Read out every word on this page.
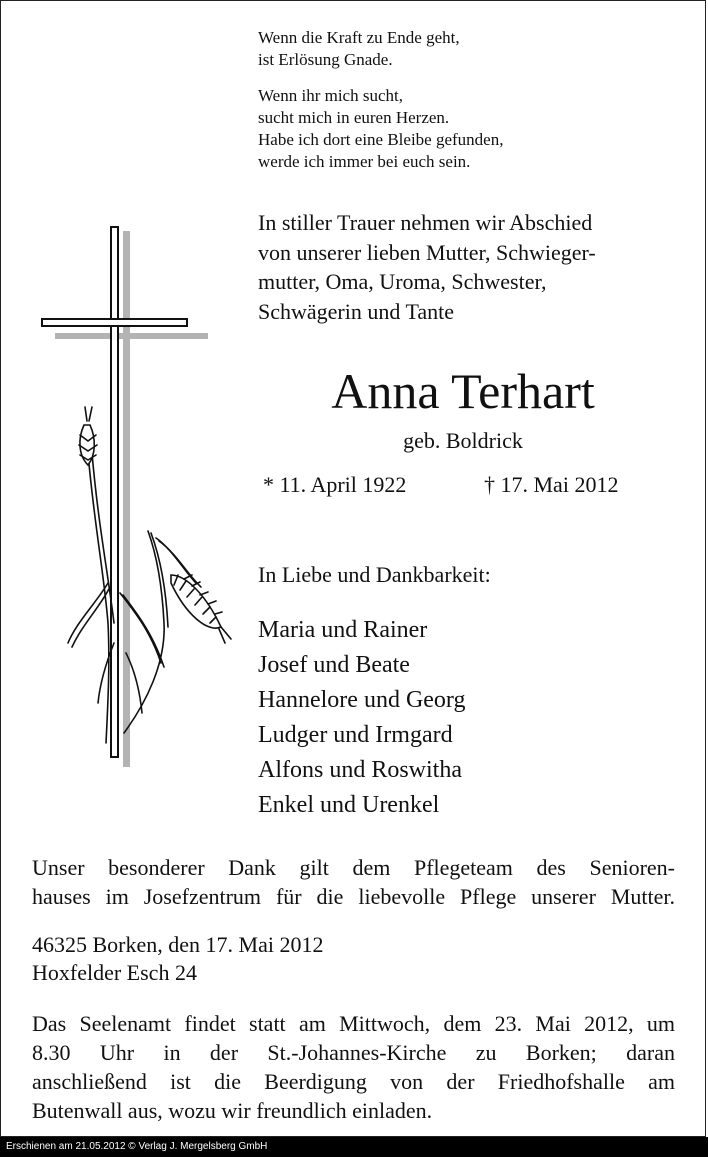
Wenn die Kraft zu Ende geht,
ist Erlösung Gnade.
Wenn ihr mich sucht,
sucht mich in euren Herzen.
Habe ich dort eine Bleibe gefunden,
werde ich immer bei euch sein.
In stiller Trauer nehmen wir Abschied
von unserer lieben Mutter, Schwieger-
mutter, Oma, Uroma, Schwester,
Schwägerin und Tante
Anna Terhart
geb. Boldrick
* 11. April 1922	† 17. Mai 2012
In Liebe und Dankbarkeit:
Maria und Rainer
Josef und Beate
Hannelore und Georg
Ludger und Irmgard
Alfons und Roswitha
Enkel und Urenkel
Unser besonderer Dank gilt dem Pflegeteam des Senioren-
hauses im Josefzentrum für die liebevolle Pflege unserer Mutter.
46325 Borken, den 17. Mai 2012
Hoxfelder Esch 24
Das Seelenamt findet statt am Mittwoch, dem 23. Mai 2012, um
8.30 Uhr in der St.-Johannes-Kirche zu Borken; daran
anschließend ist die Beerdigung von der Friedhofshalle am
Butenwall aus, wozu wir freundlich einladen.
Erschienen am 21.05.2012 © Verlag J. Mergelsberg GmbH
